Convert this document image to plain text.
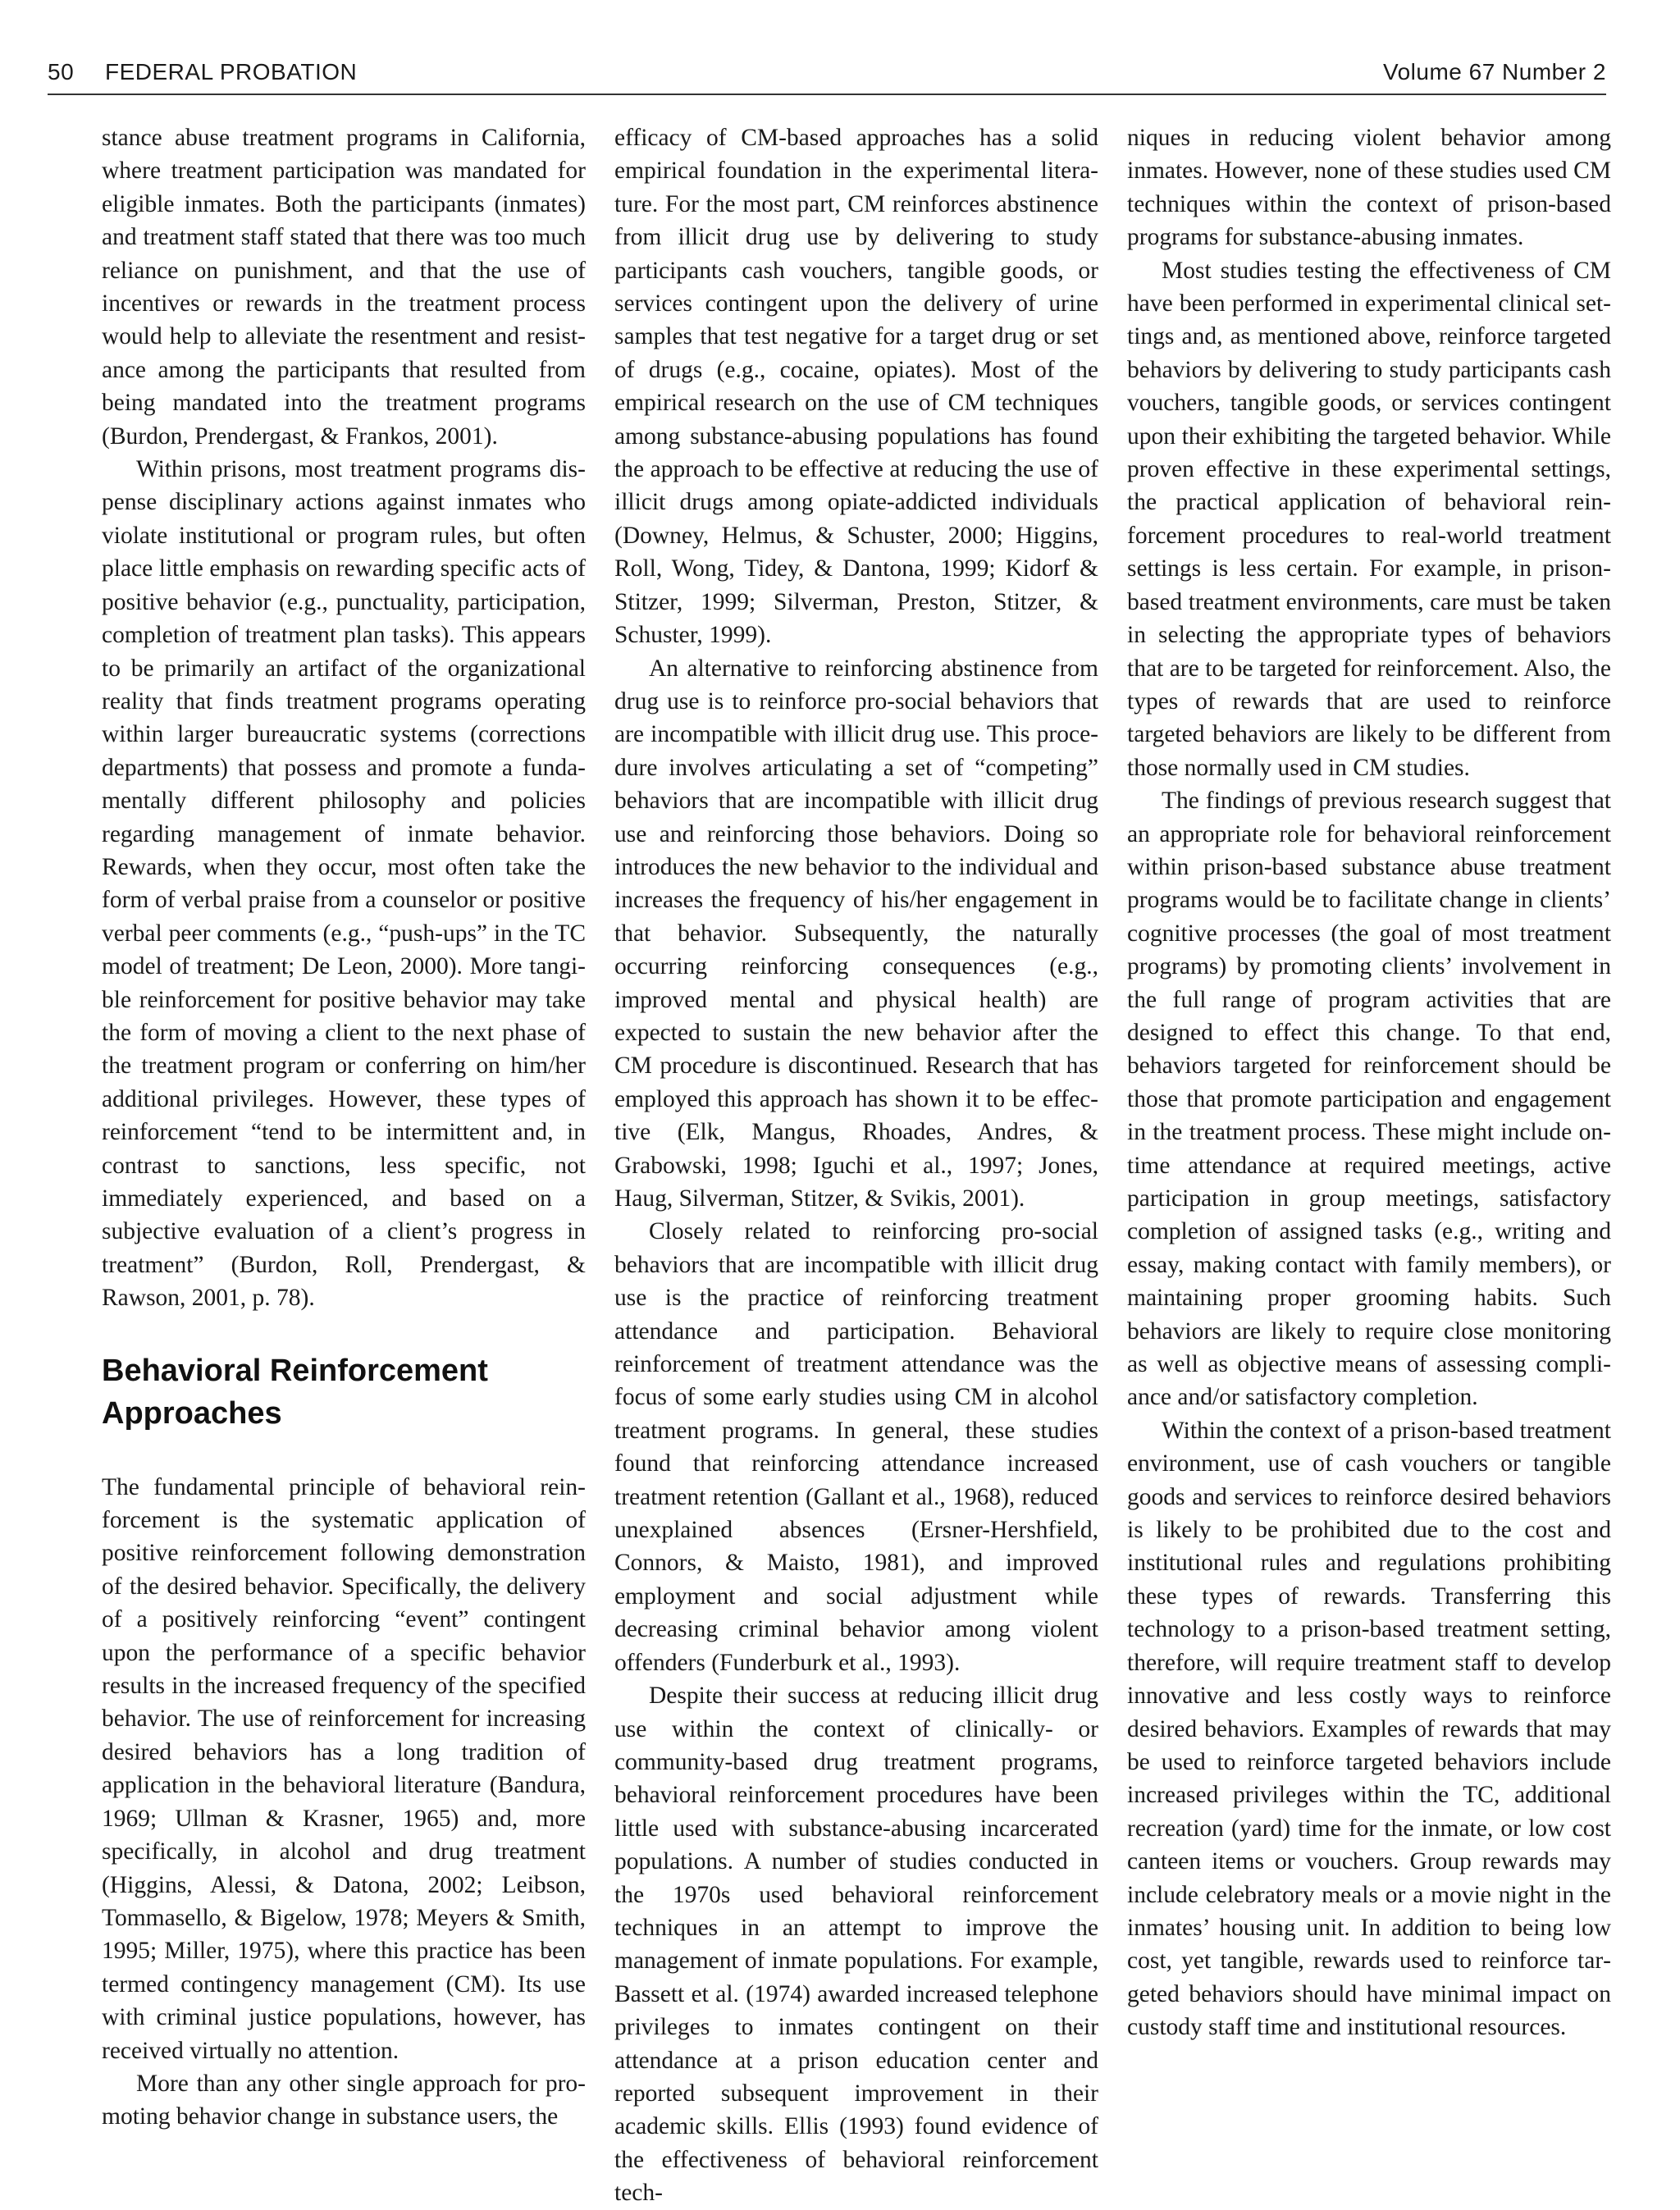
50 FEDERAL PROBATION	Volume 67 Number 2

stance abuse treatment programs in California, where treatment participation was mandated for eligible inmates. Both the participants (inmates) and treatment staff stated that there was too much reliance on punishment, and that the use of incentives or rewards in the treatment process would help to alleviate the resentment and resistance among the participants that resulted from being mandated into the treatment programs (Burdon, Prendergast, & Frankos, 2001).

Within prisons, most treatment programs dispense disciplinary actions against inmates who violate institutional or program rules, but often place little emphasis on rewarding specific acts of positive behavior (e.g., punctuality, participation, completion of treatment plan tasks). This appears to be primarily an artifact of the organizational reality that finds treatment programs operating within larger bureaucratic systems (corrections departments) that possess and promote a fundamentally different philosophy and policies regarding management of inmate behavior. Rewards, when they occur, most often take the form of verbal praise from a counselor or positive verbal peer comments (e.g., “push-ups” in the TC model of treatment; De Leon, 2000). More tangible reinforcement for positive behavior may take the form of moving a client to the next phase of the treatment program or conferring on him/her additional privileges. However, these types of reinforcement “tend to be intermittent and, in contrast to sanctions, less specific, not immediately experienced, and based on a subjective evaluation of a client’s progress in treatment” (Burdon, Roll, Prendergast, & Rawson, 2001, p. 78).

Behavioral Reinforcement Approaches

The fundamental principle of behavioral reinforcement is the systematic application of positive reinforcement following demonstration of the desired behavior. Specifically, the delivery of a positively reinforcing “event” contingent upon the performance of a specific behavior results in the increased frequency of the specified behavior. The use of reinforcement for increasing desired behaviors has a long tradition of application in the behavioral literature (Bandura, 1969; Ullman & Krasner, 1965) and, more specifically, in alcohol and drug treatment (Higgins, Alessi, & Datona, 2002; Leibson, Tommasello, & Bigelow, 1978; Meyers & Smith, 1995; Miller, 1975), where this practice has been termed contingency management (CM). Its use with criminal justice populations, however, has received virtually no attention.

More than any other single approach for promoting behavior change in substance users, the

efficacy of CM-based approaches has a solid empirical foundation in the experimental literature. For the most part, CM reinforces abstinence from illicit drug use by delivering to study participants cash vouchers, tangible goods, or services contingent upon the delivery of urine samples that test negative for a target drug or set of drugs (e.g., cocaine, opiates). Most of the empirical research on the use of CM techniques among substance-abusing populations has found the approach to be effective at reducing the use of illicit drugs among opiate-addicted individuals (Downey, Helmus, & Schuster, 2000; Higgins, Roll, Wong, Tidey, & Dantona, 1999; Kidorf & Stitzer, 1999; Silverman, Preston, Stitzer, & Schuster, 1999).

An alternative to reinforcing abstinence from drug use is to reinforce pro-social behaviors that are incompatible with illicit drug use. This procedure involves articulating a set of “competing” behaviors that are incompatible with illicit drug use and reinforcing those behaviors. Doing so introduces the new behavior to the individual and increases the frequency of his/her engagement in that behavior. Subsequently, the naturally occurring reinforcing consequences (e.g., improved mental and physical health) are expected to sustain the new behavior after the CM procedure is discontinued. Research that has employed this approach has shown it to be effective (Elk, Mangus, Rhoades, Andres, & Grabowski, 1998; Iguchi et al., 1997; Jones, Haug, Silverman, Stitzer, & Svikis, 2001).

Closely related to reinforcing pro-social behaviors that are incompatible with illicit drug use is the practice of reinforcing treatment attendance and participation. Behavioral reinforcement of treatment attendance was the focus of some early studies using CM in alcohol treatment programs. In general, these studies found that reinforcing attendance increased treatment retention (Gallant et al., 1968), reduced unexplained absences (Ersner-Hershfield, Connors, & Maisto, 1981), and improved employment and social adjustment while decreasing criminal behavior among violent offenders (Funderburk et al., 1993).

Despite their success at reducing illicit drug use within the context of clinically- or community-based drug treatment programs, behavioral reinforcement procedures have been little used with substance-abusing incarcerated populations. A number of studies conducted in the 1970s used behavioral reinforcement techniques in an attempt to improve the management of inmate populations. For example, Bassett et al. (1974) awarded increased telephone privileges to inmates contingent on their attendance at a prison education center and reported subsequent improvement in their academic skills. Ellis (1993) found evidence of the effectiveness of behavioral reinforcement tech-

niques in reducing violent behavior among inmates. However, none of these studies used CM techniques within the context of prison-based programs for substance-abusing inmates.

Most studies testing the effectiveness of CM have been performed in experimental clinical settings and, as mentioned above, reinforce targeted behaviors by delivering to study participants cash vouchers, tangible goods, or services contingent upon their exhibiting the targeted behavior. While proven effective in these experimental settings, the practical application of behavioral reinforcement procedures to real-world treatment settings is less certain. For example, in prison-based treatment environments, care must be taken in selecting the appropriate types of behaviors that are to be targeted for reinforcement. Also, the types of rewards that are used to reinforce targeted behaviors are likely to be different from those normally used in CM studies.

The findings of previous research suggest that an appropriate role for behavioral reinforcement within prison-based substance abuse treatment programs would be to facilitate change in clients’ cognitive processes (the goal of most treatment programs) by promoting clients’ involvement in the full range of program activities that are designed to effect this change. To that end, behaviors targeted for reinforcement should be those that promote participation and engagement in the treatment process. These might include on-time attendance at required meetings, active participation in group meetings, satisfactory completion of assigned tasks (e.g., writing and essay, making contact with family members), or maintaining proper grooming habits. Such behaviors are likely to require close monitoring as well as objective means of assessing compliance and/or satisfactory completion.

Within the context of a prison-based treatment environment, use of cash vouchers or tangible goods and services to reinforce desired behaviors is likely to be prohibited due to the cost and institutional rules and regulations prohibiting these types of rewards. Transferring this technology to a prison-based treatment setting, therefore, will require treatment staff to develop innovative and less costly ways to reinforce desired behaviors. Examples of rewards that may be used to reinforce targeted behaviors include increased privileges within the TC, additional recreation (yard) time for the inmate, or low cost canteen items or vouchers. Group rewards may include celebratory meals or a movie night in the inmates’ housing unit. In addition to being low cost, yet tangible, rewards used to reinforce targeted behaviors should have minimal impact on custody staff time and institutional resources.
